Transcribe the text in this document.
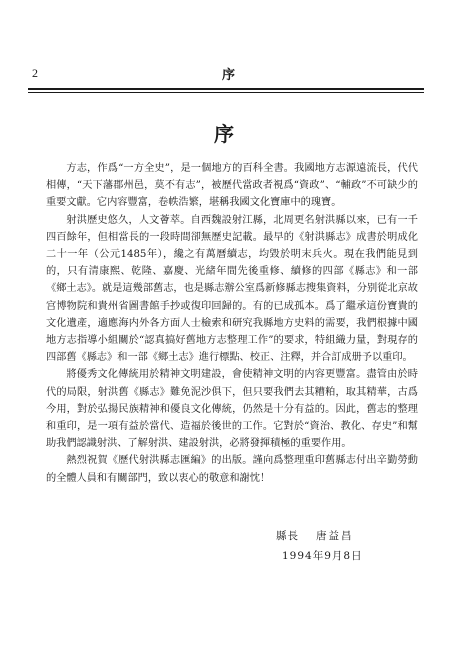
2	序
序

方志，作爲“一方全史”，是一個地方的百科全書。我國地方志源遠流長，代代相傳，“天下藩郡州邑，莫不有志”，被歷代當政者視爲“資政”、“輔政”不可缺少的重要文獻。它内容豐富，卷帙浩繁，堪稱我國文化寶庫中的瑰寶。

射洪歷史悠久，人文薈萃。自西魏設射江縣，北周更名射洪縣以來，已有一千四百餘年，但相當長的一段時間卻無歷史記載。最早的《射洪縣志》成書於明成化二十一年（公元1485年），纔之有萬曆續志，均毀於明末兵火。現在我們能見到的，只有清康熙、乾隆、嘉慶、光緒年間先後重修、續修的四部《縣志》和一部《鄉土志》。就是這幾部舊志，也是縣志辦公室爲新修縣志搜集資料，分别從北京故宫博物院和貴州省圖書館手抄或復印回歸的。有的已成孤本。爲了繼承這份寶貴的文化遺產，適應海内外各方面人士檢索和研究我縣地方史料的需要，我們根據中國地方志指導小組關於“認真搞好舊地方志整理工作”的要求，特組織力量，對現存的四部舊《縣志》和一部《鄉土志》進行標點、校正、注釋，并合訂成册予以重印。

將優秀文化傳統用於精神文明建設，會使精神文明的内容更豐富。盡管由於時代的局限，射洪舊《縣志》難免泥沙俱下，但只要我們去其糟粕，取其精華，古爲今用，對於弘揚民族精神和優良文化傳統，仍然是十分有益的。因此，舊志的整理和重印，是一項有益於當代、造福於後世的工作。它對於“資治、教化、存史”和幫助我們認識射洪、了解射洪、建設射洪，必將發揮積極的重要作用。

熱烈祝賀《歷代射洪縣志匯編》的出版。謹向爲整理重印舊縣志付出辛勤勞動的全體人員和有關部門，致以衷心的敬意和謝忱！

縣長 唐益昌
1994年9月8日
